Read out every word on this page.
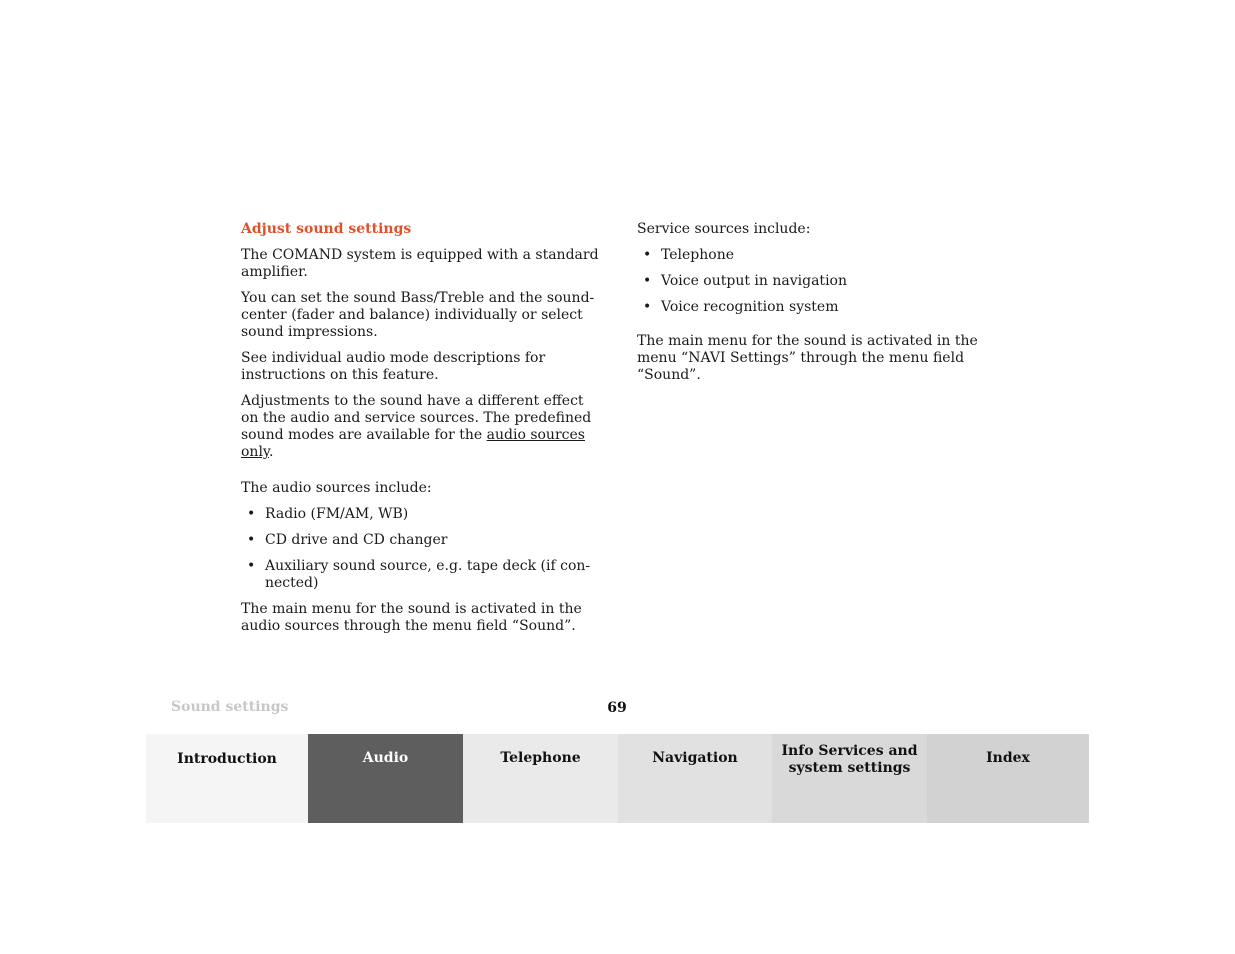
Adjust sound settings

The COMAND system is equipped with a standard amplifier.

You can set the sound Bass/Treble and the sound-center (fader and balance) individually or select sound impressions.

See individual audio mode descriptions for instructions on this feature.

Adjustments to the sound have a different effect on the audio and service sources. The predefined sound modes are available for the audio sources only.

The audio sources include:

• Radio (FM/AM, WB)
• CD drive and CD changer
• Auxiliary sound source, e.g. tape deck (if con-nected)

The main menu for the sound is activated in the audio sources through the menu field “Sound”.

Service sources include:

• Telephone
• Voice output in navigation
• Voice recognition system

The main menu for the sound is activated in the menu “NAVI Settings” through the menu field “Sound”.

Sound settings	69
Introduction	Audio	Telephone	Navigation	Info Services and
system settings
Index
